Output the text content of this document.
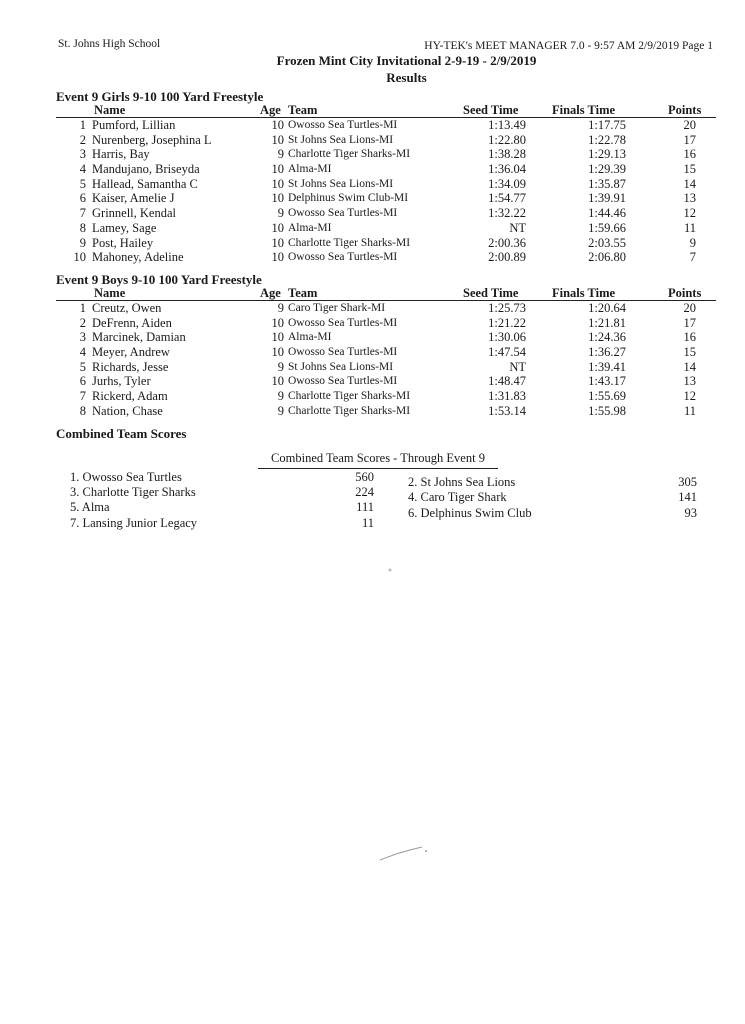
St. Johns High School	HY-TEK's MEET MANAGER 7.0 - 9:57 AM 2/9/2019 Page 1
Frozen Mint City Invitational 2-9-19 - 2/9/2019
Results
Event 9 Girls 9-10 100 Yard Freestyle
Name	Age Team	Seed Time	Finals Time	Points
1 Pumford, Lillian	10 Owosso Sea Turtles-MI	1:13.49	1:17.75	20
2 Nurenberg, Josephina L	10 St Johns Sea Lions-MI	1:22.80	1:22.78	17
3 Harris, Bay	9 Charlotte Tiger Sharks-MI	1:38.28	1:29.13	16
4 Mandujano, Briseyda	10 Alma-MI	1:36.04	1:29.39	15
5 Hallead, Samantha C	10 St Johns Sea Lions-MI	1:34.09	1:35.87	14
6 Kaiser, Amelie J	10 Delphinus Swim Club-MI	1:54.77	1:39.91	13
7 Grinnell, Kendal	9 Owosso Sea Turtles-MI	1:32.22	1:44.46	12
8 Lamey, Sage	10 Alma-MI	NT	1:59.66	11
9 Post, Hailey	10 Charlotte Tiger Sharks-MI	2:00.36	2:03.55	9
10 Mahoney, Adeline	10 Owosso Sea Turtles-MI	2:00.89	2:06.80	7
Event 9 Boys 9-10 100 Yard Freestyle
Name	Age Team	Seed Time	Finals Time	Points
1 Creutz, Owen	9 Caro Tiger Shark-MI	1:25.73	1:20.64	20
2 DeFrenn, Aiden	10 Owosso Sea Turtles-MI	1:21.22	1:21.81	17
3 Marcinek, Damian	10 Alma-MI	1:30.06	1:24.36	16
4 Meyer, Andrew	10 Owosso Sea Turtles-MI	1:47.54	1:36.27	15
5 Richards, Jesse	9 St Johns Sea Lions-MI	NT	1:39.41	14
6 Jurhs, Tyler	10 Owosso Sea Turtles-MI	1:48.47	1:43.17	13
7 Rickerd, Adam	9 Charlotte Tiger Sharks-MI	1:31.83	1:55.69	12
8 Nation, Chase	9 Charlotte Tiger Sharks-MI	1:53.14	1:55.98	11
Combined Team Scores
Combined Team Scores - Through Event 9
1. Owosso Sea Turtles	560
3. Charlotte Tiger Sharks	224
5. Alma	111
7. Lansing Junior Legacy	11
2. St Johns Sea Lions	305
4. Caro Tiger Shark	141
6. Delphinus Swim Club	93
